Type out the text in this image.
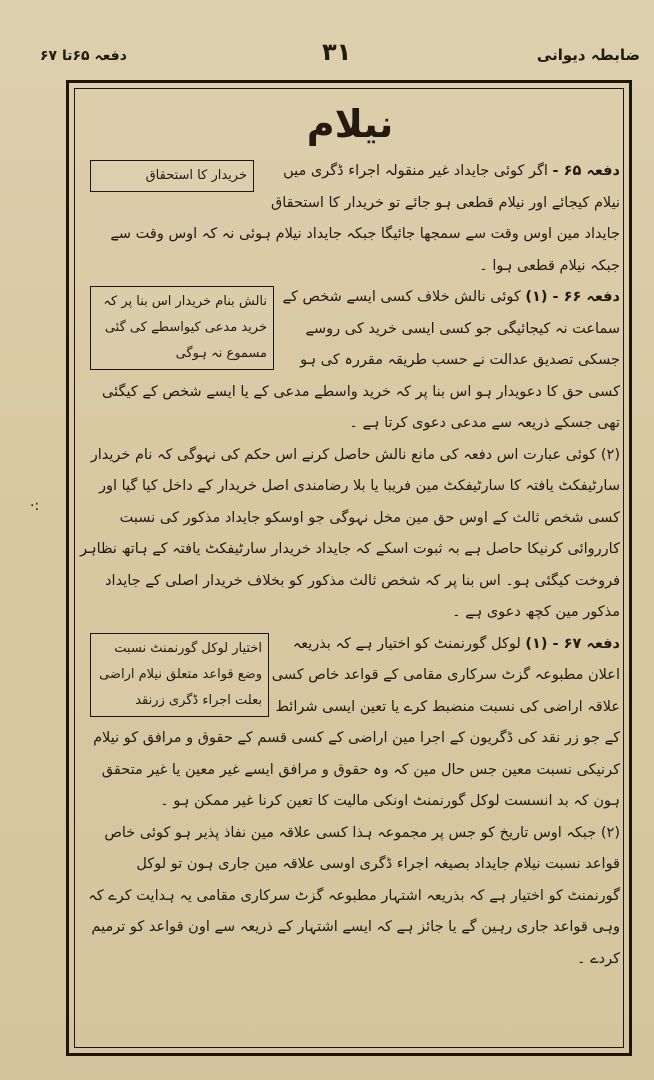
ضابطہ دیوانی
۳۱
دفعہ ۶۵تا ۶۷
·:
نیلام

خریدار کا استحقاق	دفعہ ۶۵ - اگر کوئی جایداد غیر منقولہ اجراء ڈگری میں نیلام کیجائے اور نیلام قطعی ہو جائے تو خریدار کا استحقاق جایداد مین اوس وقت سے سمجھا جائیگا جبکہ جایداد نیلام ہوئی نہ کہ اوس وقت سے جبکہ نیلام قطعی ہوا ۔

نالش بنام خریدار اس بنا پر کہ خرید مدعی کیواسطے کی گئی مسموع نہ ہوگی
دفعہ ۶۶ - (۱) کوئی نالش خلاف کسی ایسے شخص کے سماعت نہ کیجائیگی جو کسی ایسی خرید کی روسے جسکی تصدیق عدالت نے حسب طریقہ مقررہ کی ہو کسی حق کا دعویدار ہو اس بنا پر کہ خرید واسطے مدعی کے یا ایسے شخص کے کیگئی تھی جسکے ذریعہ سے مدعی دعوی کرتا ہے ۔

(۲) کوئی عبارت اس دفعہ کی مانع نالش حاصل کرنے اس حکم کی نہوگی کہ نام خریدار سارٹیفکٹ یافتہ کا سارٹیفکٹ مین فریبا یا بلا رضامندی اصل خریدار کے داخل کیا گیا اور کسی شخص ثالث کے اوس حق مین مخل نہوگی جو اوسکو جایداد مذکور کی نسبت کارروائی کرنیکا حاصل ہے بہ ثبوت اسکے کہ جایداد خریدار سارٹیفکٹ یافتہ کے ہاتھ نظاہر فروخت کیگئی ہو۔ اس بنا پر کہ شخص ثالث مذکور کو بخلاف خریدار اصلی کے جایداد مذکور مین کچھ دعوی ہے ۔

اختیار لوکل گورنمنٹ نسبت وضع قواعد متعلق نیلام اراضی بعلت اجراء ڈگری زرنقد
دفعہ ۶۷ - (۱) لوکل گورنمنٹ کو اختیار ہے کہ بذریعہ اعلان مطبوعہ گزٹ سرکاری مقامی کے قواعد خاص کسی علاقہ اراضی کی نسبت منضبط کرے یا تعین ایسی شرائط کے جو زر نقد کی ڈگریون کے اجرا مین اراضی کے کسی قسم کے حقوق و مرافق کو نیلام کرنیکی نسبت معین جس حال مین کہ وہ حقوق و مرافق ایسے غیر معین یا غیر متحقق ہون کہ بد انسست لوکل گورنمنٹ اونکی مالیت کا تعین کرنا غیر ممکن ہو ۔

(۲) جبکہ اوس تاریخ کو جس پر مجموعہ ہذا کسی علاقہ مین نفاذ پذیر ہو کوئی خاص قواعد نسبت نیلام جایداد بصیغہ اجراء ڈگری اوسی علاقہ مین جاری ہون تو لوکل گورنمنٹ کو اختیار ہے کہ بذریعہ اشتہار مطبوعہ گزٹ سرکاری مقامی یہ ہدایت کرے کہ وہی قواعد جاری رہین گے یا جائز ہے کہ ایسے اشتہار کے ذریعہ سے اون قواعد کو ترمیم کردے ۔
